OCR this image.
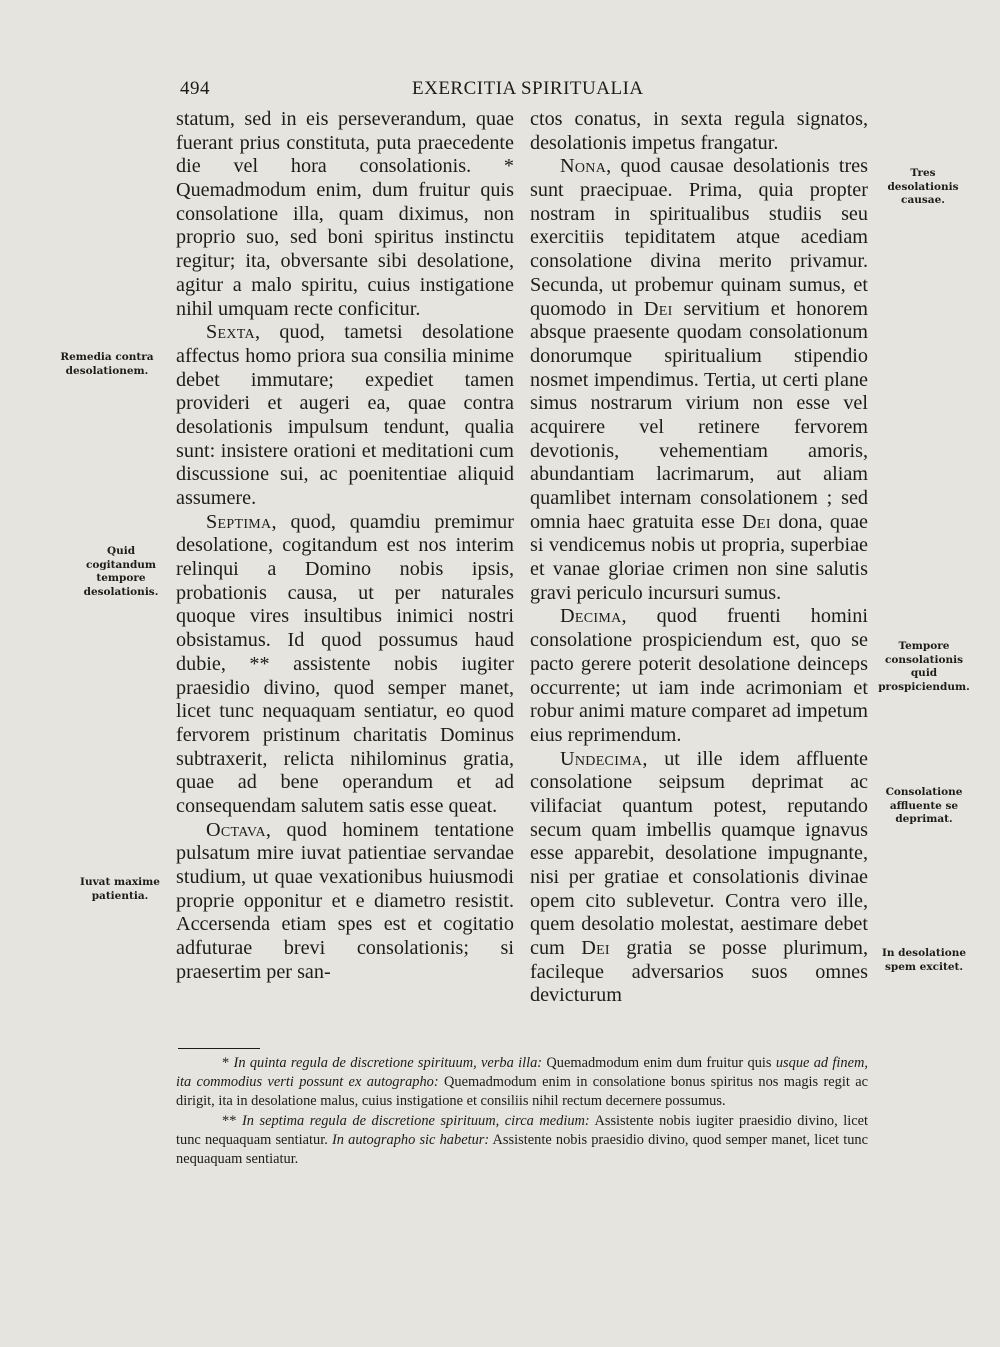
494	EXERCITIA SPIRITUALIA
Remedia contra desolationem.
Quid cogitandum tempore desolationis.
Iuvat maxime patientia.
Tres desolationis causae.
Tempore consolationis quid prospiciendum.
Consolatione affluente se deprimat.
In desolatione spem excitet.

statum, sed in eis perseverandum, quae fuerant prius constituta, puta praecedente die vel hora consolationis. * Quemadmodum enim, dum fruitur quis consolatione illa, quam diximus, non proprio suo, sed boni spiritus instinctu regitur; ita, obversante sibi desolatione, agitur a malo spiritu, cuius instigatione nihil umquam recte conficitur.

Sexta, quod, tametsi desolatione affectus homo priora sua consilia minime debet immutare; expediet tamen provideri et augeri ea, quae contra desolationis impulsum tendunt, qualia sunt: insistere orationi et meditationi cum discussione sui, ac poenitentiae aliquid assumere.

Septima, quod, quamdiu premimur desolatione, cogitandum est nos interim relinqui a Domino nobis ipsis, probationis causa, ut per naturales quoque vires insultibus inimici nostri obsistamus. Id quod possumus haud dubie, ** assistente nobis iugiter praesidio divino, quod semper manet, licet tunc nequaquam sentiatur, eo quod fervorem pristinum charitatis Dominus subtraxerit, relicta nihilominus gratia, quae ad bene operandum et ad consequendam salutem satis esse queat.

Octava, quod hominem tentatione pulsatum mire iuvat patientiae servandae studium, ut quae vexationibus huiusmodi proprie opponitur et e diametro resistit. Accersenda etiam spes est et cogitatio adfuturae brevi consolationis; si praesertim per san-

ctos conatus, in sexta regula signatos, desolationis impetus frangatur.

Nona, quod causae desolationis tres sunt praecipuae. Prima, quia propter nostram in spiritualibus studiis seu exercitiis tepiditatem atque acediam consolatione divina merito privamur. Secunda, ut probemur quinam sumus, et quomodo in Dei servitium et honorem absque praesente quodam consolationum donorumque spiritualium stipendio nosmet impendimus. Tertia, ut certi plane simus nostrarum virium non esse vel acquirere vel retinere fervorem devotionis, vehementiam amoris, abundantiam lacrimarum, aut aliam quamlibet internam consolationem ; sed omnia haec gratuita esse Dei dona, quae si vendicemus nobis ut propria, superbiae et vanae gloriae crimen non sine salutis gravi periculo incursuri sumus.

Decima, quod fruenti homini consolatione prospiciendum est, quo se pacto gerere poterit desolatione deinceps occurrente; ut iam inde acrimoniam et robur animi mature comparet ad impetum eius reprimendum.

Undecima, ut ille idem affluente consolatione seipsum deprimat ac vilifaciat quantum potest, reputando secum quam imbellis quamque ignavus esse apparebit, desolatione impugnante, nisi per gratiae et consolationis divinae opem cito sublevetur. Contra vero ille, quem desolatio molestat, aestimare debet cum Dei gratia se posse plurimum, facileque adversarios suos omnes devicturum

* In quinta regula de discretione spirituum, verba illa: Quemadmodum enim dum fruitur quis usque ad finem, ita commodius verti possunt ex autographo: Quemadmodum enim in consolatione bonus spiritus nos magis regit ac dirigit, ita in desolatione malus, cuius instigatione et consiliis nihil rectum decernere possumus.

** In septima regula de discretione spirituum, circa medium: Assistente nobis iugiter praesidio divino, licet tunc nequaquam sentiatur. In autographo sic habetur: Assistente nobis praesidio divino, quod semper manet, licet tunc nequaquam sentiatur.
